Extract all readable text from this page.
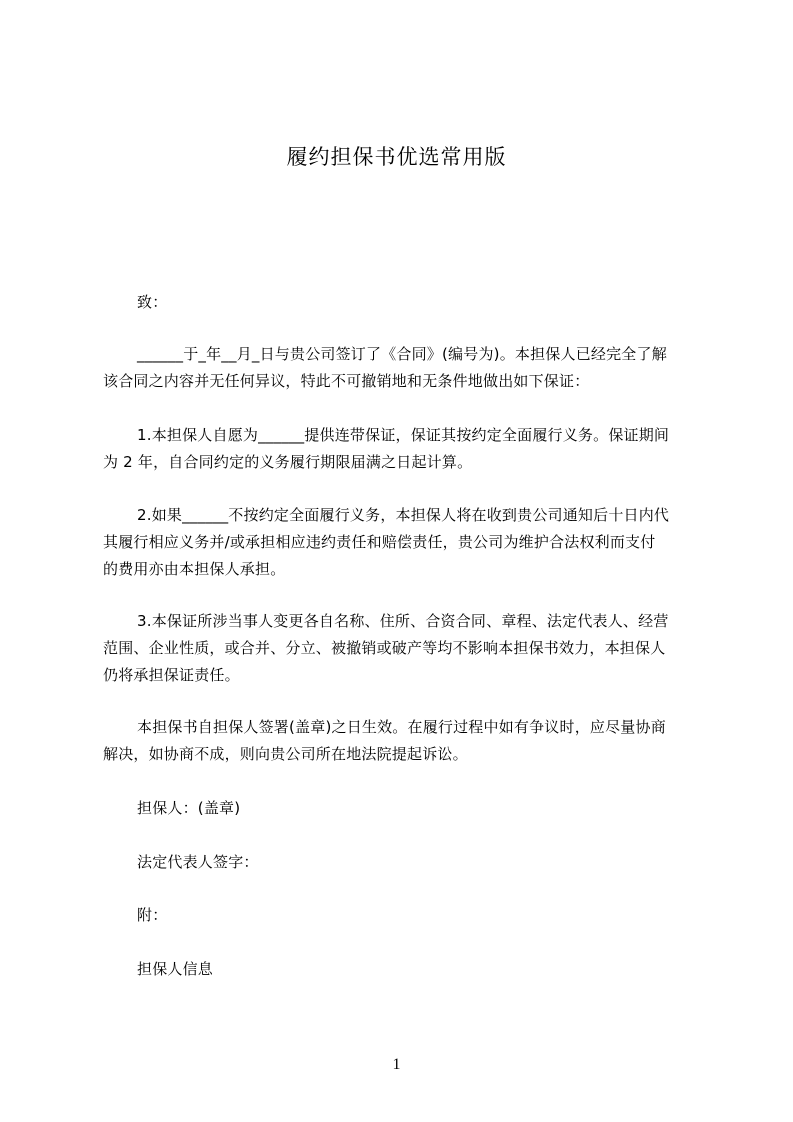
履约担保书优选常用版
致：
______于_年__月_日与贵公司签订了《合同》(编号为)。本担保人已经完全了解
该合同之内容并无任何异议，特此不可撤销地和无条件地做出如下保证：
1.本担保人自愿为______提供连带保证，保证其按约定全面履行义务。保证期间
为 2 年，自合同约定的义务履行期限届满之日起计算。
2.如果______不按约定全面履行义务，本担保人将在收到贵公司通知后十日内代
其履行相应义务并/或承担相应违约责任和赔偿责任，贵公司为维护合法权利而支付
的费用亦由本担保人承担。
3.本保证所涉当事人变更各自名称、住所、合资合同、章程、法定代表人、经营
范围、企业性质，或合并、分立、被撤销或破产等均不影响本担保书效力，本担保人
仍将承担保证责任。
本担保书自担保人签署(盖章)之日生效。在履行过程中如有争议时，应尽量协商
解决，如协商不成，则向贵公司所在地法院提起诉讼。
担保人：(盖章)
法定代表人签字：
附：
担保人信息
1
